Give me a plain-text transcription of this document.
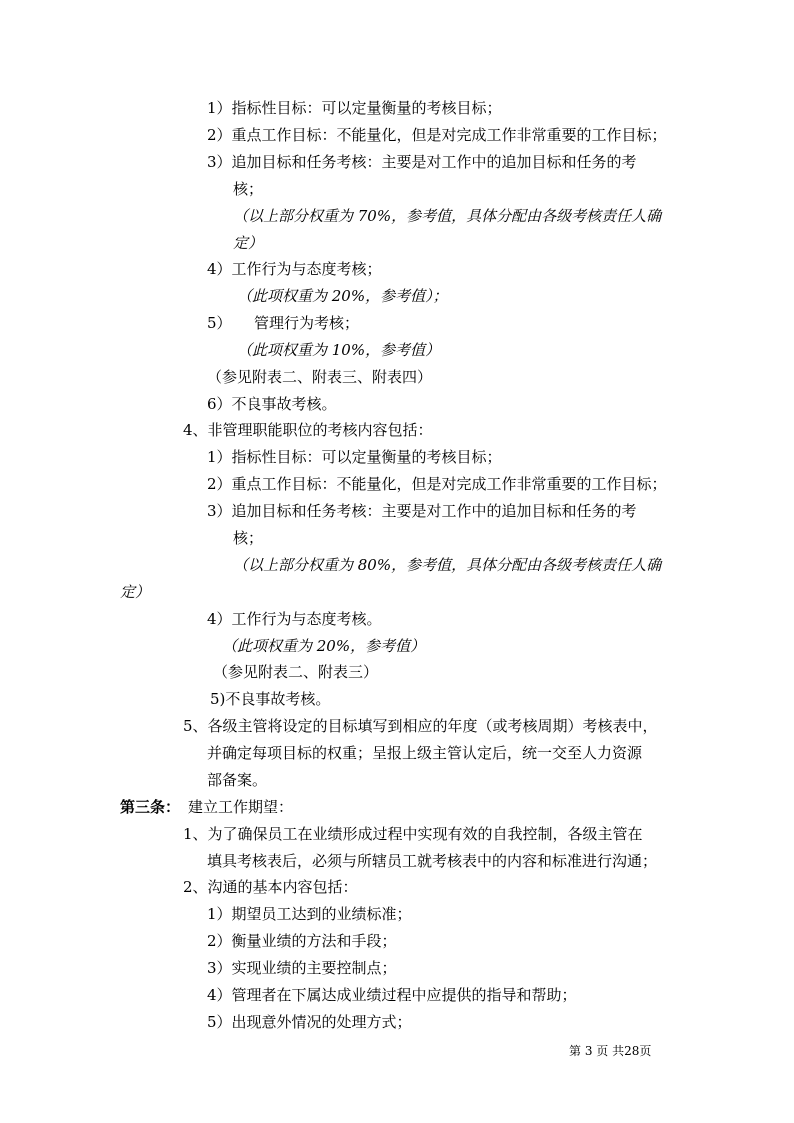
1）指标性目标：可以定量衡量的考核目标；
2）重点工作目标：不能量化，但是对完成工作非常重要的工作目标；
3）追加目标和任务考核：主要是对工作中的追加目标和任务的考
核；
（以上部分权重为 70%，参考值，具体分配由各级考核责任人确
定）
4）工作行为与态度考核；
（此项权重为 20%，参考值）；
5）　　管理行为考核；
（此项权重为 10%，参考值）
（参见附表二、附表三、附表四）
6）不良事故考核。
4、非管理职能职位的考核内容包括：
1）指标性目标：可以定量衡量的考核目标；
2）重点工作目标：不能量化，但是对完成工作非常重要的工作目标；
3）追加目标和任务考核：主要是对工作中的追加目标和任务的考
核；
（以上部分权重为 80%，参考值，具体分配由各级考核责任人确
定）
4）工作行为与态度考核。
（此项权重为 20%，参考值）
（参见附表二、附表三）
5)不良事故考核。
5、各级主管将设定的目标填写到相应的年度（或考核周期）考核表中，
并确定每项目标的权重；呈报上级主管认定后，统一交至人力资源
部备案。
第三条： 建立工作期望：
1、为了确保员工在业绩形成过程中实现有效的自我控制，各级主管在
填具考核表后，必须与所辖员工就考核表中的内容和标准进行沟通；
2、沟通的基本内容包括：
1）期望员工达到的业绩标准；
2）衡量业绩的方法和手段；
3）实现业绩的主要控制点；
4）管理者在下属达成业绩过程中应提供的指导和帮助；
5）出现意外情况的处理方式；
第 3 页 共28页
